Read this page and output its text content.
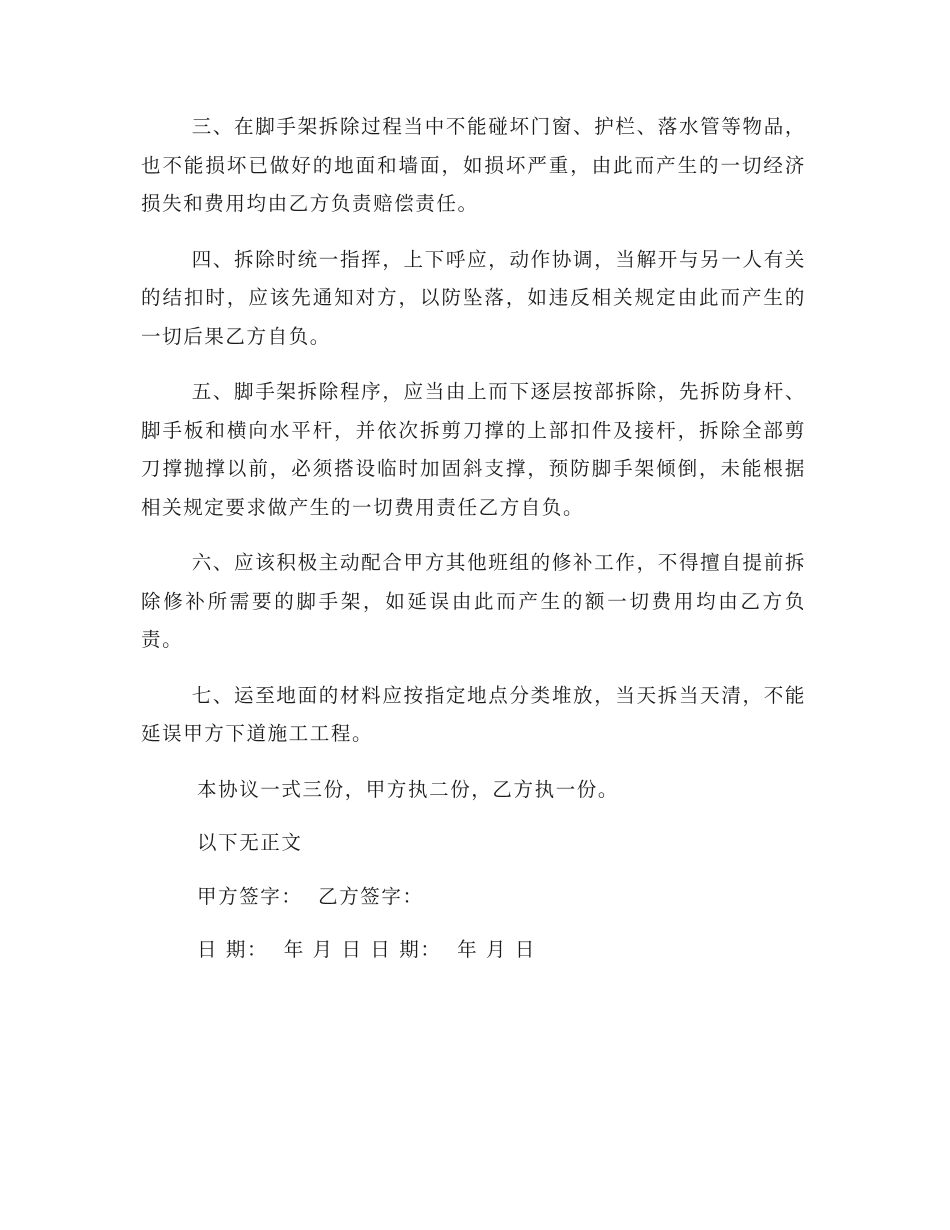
三、在脚手架拆除过程当中不能碰坏门窗、护栏、落水管等物品，也不能损坏已做好的地面和墙面，如损坏严重，由此而产生的一切经济损失和费用均由乙方负责赔偿责任。

四、拆除时统一指挥，上下呼应，动作协调，当解开与另一人有关的结扣时，应该先通知对方，以防坠落，如违反相关规定由此而产生的一切后果乙方自负。

五、脚手架拆除程序，应当由上而下逐层按部拆除，先拆防身杆、脚手板和横向水平杆，并依次拆剪刀撑的上部扣件及接杆，拆除全部剪刀撑抛撑以前，必须搭设临时加固斜支撑，预防脚手架倾倒，未能根据相关规定要求做产生的一切费用责任乙方自负。

六、应该积极主动配合甲方其他班组的修补工作，不得擅自提前拆除修补所需要的脚手架，如延误由此而产生的额一切费用均由乙方负责。

七、运至地面的材料应按指定地点分类堆放，当天拆当天清，不能延误甲方下道施工工程。

本协议一式三份，甲方执二份，乙方执一份。

以下无正文

甲方签字：  乙方签字：

日 期：  年 月 日 日 期：  年 月 日
